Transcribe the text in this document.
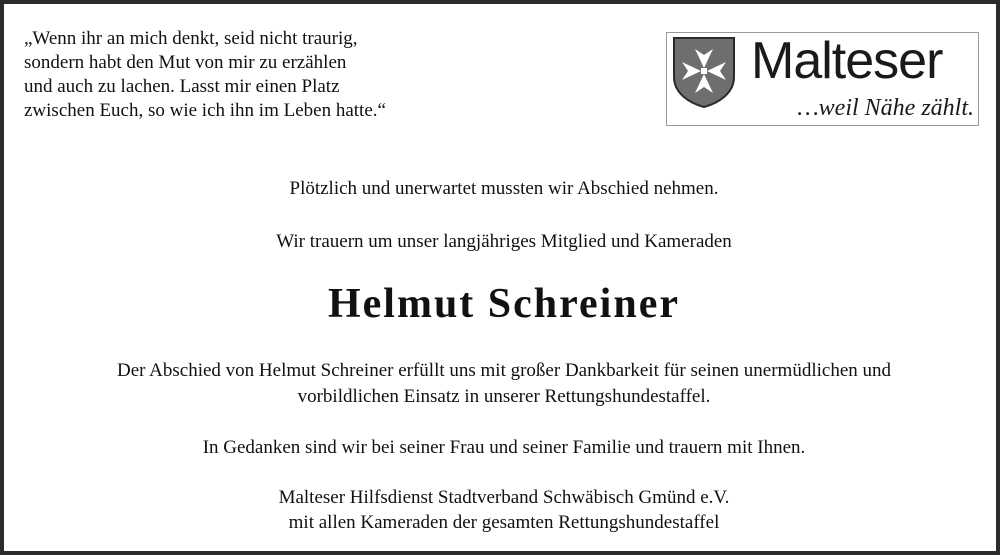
„Wenn ihr an mich denkt, seid nicht traurig,
sondern habt den Mut von mir zu erzählen
und auch zu lachen. Lasst mir einen Platz
zwischen Euch, so wie ich ihn im Leben hatte.“
Malteser
…weil Nähe zählt.
Plötzlich und unerwartet mussten wir Abschied nehmen.
Wir trauern um unser langjähriges Mitglied und Kameraden
Helmut Schreiner
Der Abschied von Helmut Schreiner erfüllt uns mit großer Dankbarkeit für seinen unermüdlichen und
vorbildlichen Einsatz in unserer Rettungshundestaffel.
In Gedanken sind wir bei seiner Frau und seiner Familie und trauern mit Ihnen.
Malteser Hilfsdienst Stadtverband Schwäbisch Gmünd e.V.
mit allen Kameraden der gesamten Rettungshundestaffel
